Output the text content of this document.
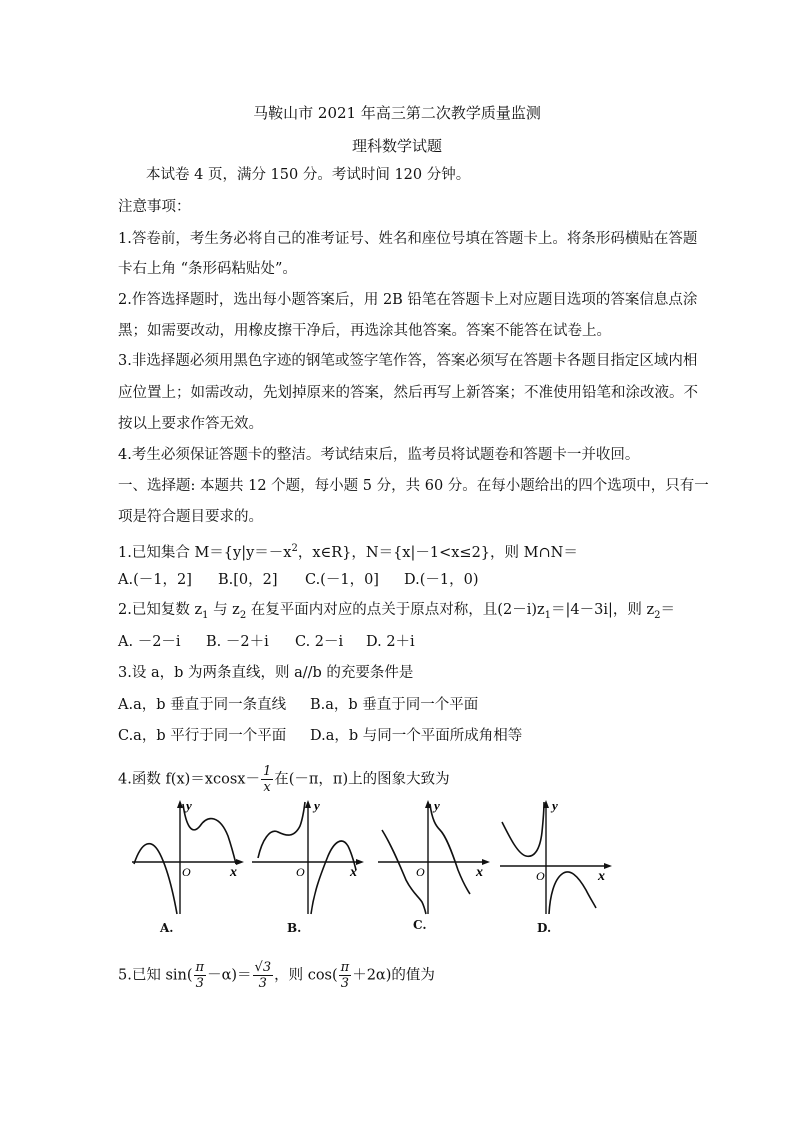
马鞍山市 2021 年高三第二次教学质量监测
理科数学试题
本试卷 4 页，满分 150 分。考试时间 120 分钟。
注意事项：
1.答卷前，考生务必将自己的准考证号、姓名和座位号填在答题卡上。将条形码横贴在答题
卡右上角 “条形码粘贴处”。
2.作答选择题时，选出每小题答案后，用 2B 铅笔在答题卡上对应题目选项的答案信息点涂
黑；如需要改动，用橡皮擦干净后，再选涂其他答案。答案不能答在试卷上。
3.非选择题必须用黑色字迹的钢笔或签字笔作答，答案必须写在答题卡各题目指定区域内相
应位置上；如需改动，先划掉原来的答案，然后再写上新答案；不准使用铅笔和涂改液。不
按以上要求作答无效。
4.考生必须保证答题卡的整洁。考试结束后，监考员将试题卷和答题卡一并收回。
一、选择题: 本题共 12 个题，每小题 5 分，共 60 分。在每小题给出的四个选项中，只有一
项是符合题目要求的。
1.已知集合 $M=\{y|y=-x^2$，x∈R}，N＝{x|－1<x≤2}，则 M∩N＝
A.(－1，2] B.[0，2] C.(－1，0] D.(－1，0)
2.已知复数 $z_1$ 与 $z_2$ 在复平面内对应的点关于原点对称，且$(2-i)z_1=|4-3i|$，则 $z_2=$
A. －2－i B. －2＋i C. 2－i D. 2＋i
3.设 a，b 为两条直线，则 a//b 的充要条件是
A.a，b 垂直于同一条直线 B.a，b 垂直于同一个平面
C.a，b 平行于同一个平面 D.a，b 与同一个平面所成角相等
4.函数 $f(x)=xcosx- \frac{1}{x}$ 在(－π，π)上的图象大致为
y
O	x
A.
y
O	x
B.
y
O	x
C.
y
O	x
D.
5.已知 $\sin( \frac{\pi}{3} -\alpha)= \frac{√3}{3}$ ，则 $\cos( \frac{\pi}{3} +2\alpha)$的值为
